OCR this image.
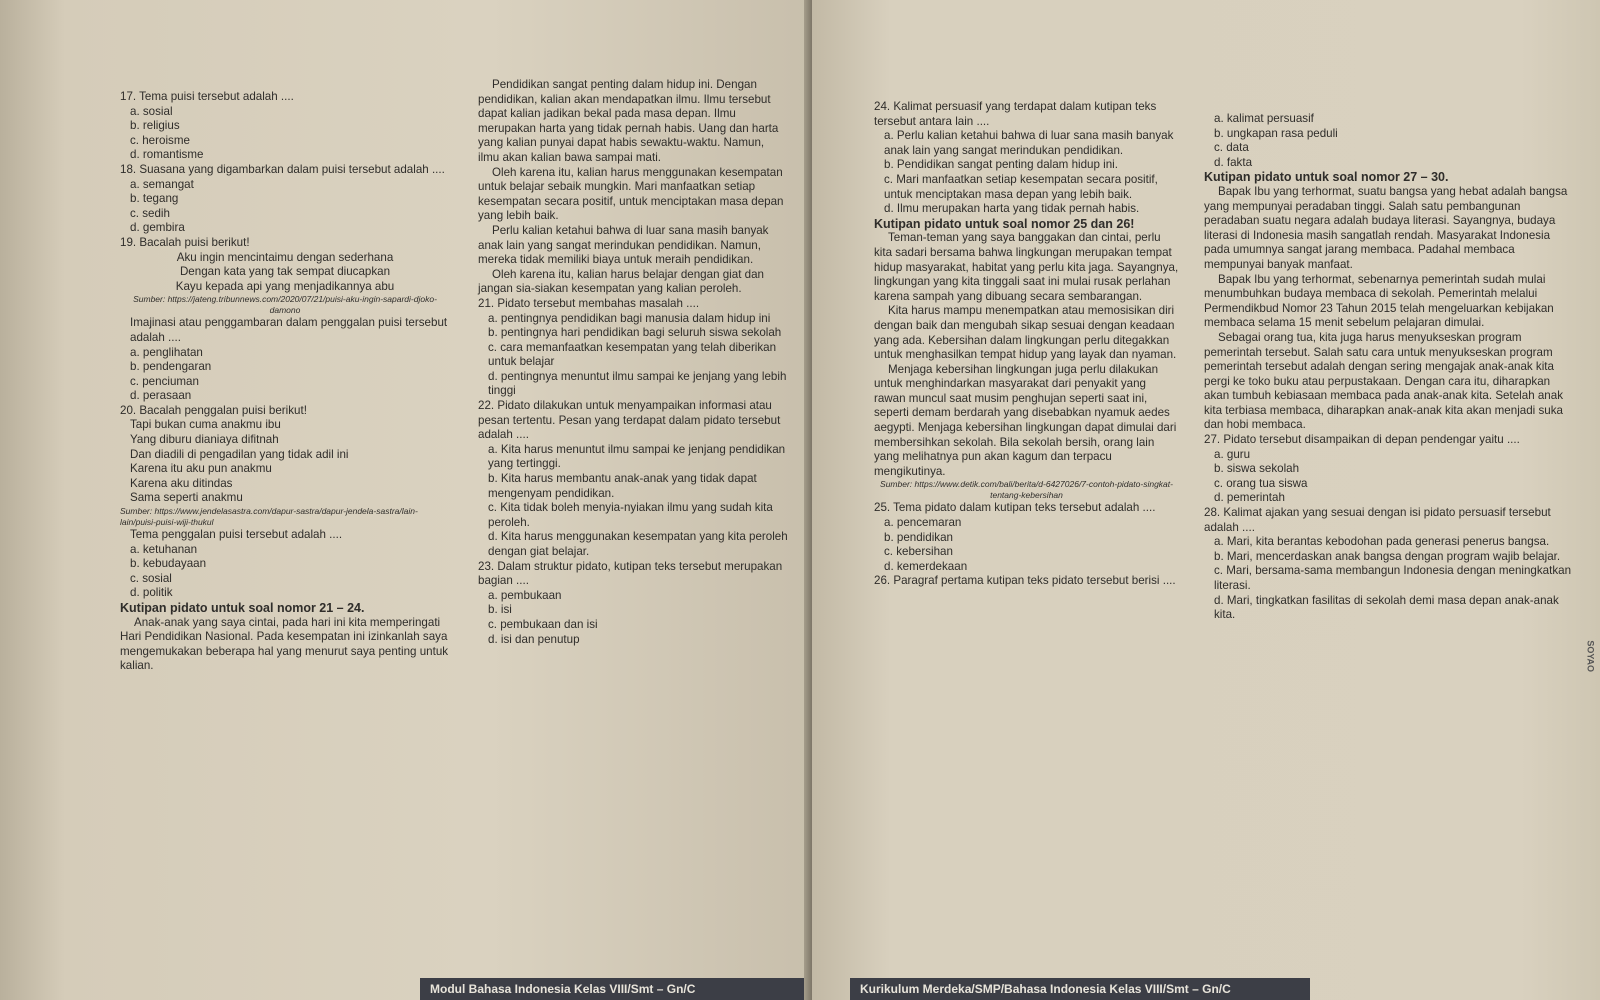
17. Tema puisi tersebut adalah ....

a. sosial

b. religius

c. heroisme

d. romantisme

18. Suasana yang digambarkan dalam puisi tersebut adalah ....

a. semangat

b. tegang

c. sedih

d. gembira

19. Bacalah puisi berikut!

Aku ingin mencintaimu dengan sederhana

Dengan kata yang tak sempat diucapkan

Kayu kepada api yang menjadikannya abu

Sumber: https://jateng.tribunnews.com/2020/07/21/puisi-aku-ingin-sapardi-djoko-damono

Imajinasi atau penggambaran dalam penggalan puisi tersebut adalah ....

a. penglihatan

b. pendengaran

c. penciuman

d. perasaan

20. Bacalah penggalan puisi berikut!

Tapi bukan cuma anakmu ibu

Yang diburu dianiaya difitnah

Dan diadili di pengadilan yang tidak adil ini

Karena itu aku pun anakmu

Karena aku ditindas

Sama seperti anakmu

Sumber: https://www.jendelasastra.com/dapur-sastra/dapur-jendela-sastra/lain-lain/puisi-puisi-wiji-thukul

Tema penggalan puisi tersebut adalah ....

a. ketuhanan

b. kebudayaan

c. sosial

d. politik

Kutipan pidato untuk soal nomor 21 – 24.

Anak-anak yang saya cintai, pada hari ini kita memperingati Hari Pendidikan Nasional. Pada kesempatan ini izinkanlah saya mengemukakan beberapa hal yang menurut saya penting untuk kalian.

Pendidikan sangat penting dalam hidup ini. Dengan pendidikan, kalian akan mendapatkan ilmu. Ilmu tersebut dapat kalian jadikan bekal pada masa depan. Ilmu merupakan harta yang tidak pernah habis. Uang dan harta yang kalian punyai dapat habis sewaktu-waktu. Namun, ilmu akan kalian bawa sampai mati.

Oleh karena itu, kalian harus menggunakan kesempatan untuk belajar sebaik mungkin. Mari manfaatkan setiap kesempatan secara positif, untuk menciptakan masa depan yang lebih baik.

Perlu kalian ketahui bahwa di luar sana masih banyak anak lain yang sangat merindukan pendidikan. Namun, mereka tidak memiliki biaya untuk meraih pendidikan.

Oleh karena itu, kalian harus belajar dengan giat dan jangan sia-siakan kesempatan yang kalian peroleh.

21. Pidato tersebut membahas masalah ....

a. pentingnya pendidikan bagi manusia dalam hidup ini

b. pentingnya hari pendidikan bagi seluruh siswa sekolah

c. cara memanfaatkan kesempatan yang telah diberikan untuk belajar

d. pentingnya menuntut ilmu sampai ke jenjang yang lebih tinggi

22. Pidato dilakukan untuk menyampaikan informasi atau pesan tertentu. Pesan yang terdapat dalam pidato tersebut adalah ....

a. Kita harus menuntut ilmu sampai ke jenjang pendidikan yang tertinggi.

b. Kita harus membantu anak-anak yang tidak dapat mengenyam pendidikan.

c. Kita tidak boleh menyia-nyiakan ilmu yang sudah kita peroleh.

d. Kita harus menggunakan kesempatan yang kita peroleh dengan giat belajar.

23. Dalam struktur pidato, kutipan teks tersebut merupakan bagian ....

a. pembukaan

b. isi

c. pembukaan dan isi

d. isi dan penutup

Modul Bahasa Indonesia Kelas VIII/Smt – Gn/C

24. Kalimat persuasif yang terdapat dalam kutipan teks tersebut antara lain ....

a. Perlu kalian ketahui bahwa di luar sana masih banyak anak lain yang sangat merindukan pendidikan.

b. Pendidikan sangat penting dalam hidup ini.

c. Mari manfaatkan setiap kesempatan secara positif, untuk menciptakan masa depan yang lebih baik.

d. Ilmu merupakan harta yang tidak pernah habis.

Kutipan pidato untuk soal nomor 25 dan 26!

Teman-teman yang saya banggakan dan cintai, perlu kita sadari bersama bahwa lingkungan merupakan tempat hidup masyarakat, habitat yang perlu kita jaga. Sayangnya, lingkungan yang kita tinggali saat ini mulai rusak perlahan karena sampah yang dibuang secara sembarangan.

Kita harus mampu menempatkan atau memosisikan diri dengan baik dan mengubah sikap sesuai dengan keadaan yang ada. Kebersihan dalam lingkungan perlu ditegakkan untuk menghasilkan tempat hidup yang layak dan nyaman.

Menjaga kebersihan lingkungan juga perlu dilakukan untuk menghindarkan masyarakat dari penyakit yang rawan muncul saat musim penghujan seperti saat ini, seperti demam berdarah yang disebabkan nyamuk aedes aegypti. Menjaga kebersihan lingkungan dapat dimulai dari membersihkan sekolah. Bila sekolah bersih, orang lain yang melihatnya pun akan kagum dan terpacu mengikutinya.

Sumber: https://www.detik.com/bali/berita/d-6427026/7-contoh-pidato-singkat-tentang-kebersihan

25. Tema pidato dalam kutipan teks tersebut adalah ....

a. pencemaran

b. pendidikan

c. kebersihan

d. kemerdekaan

26. Paragraf pertama kutipan teks pidato tersebut berisi ....

a. kalimat persuasif

b. ungkapan rasa peduli

c. data

d. fakta

Kutipan pidato untuk soal nomor 27 – 30.

Bapak Ibu yang terhormat, suatu bangsa yang hebat adalah bangsa yang mempunyai peradaban tinggi. Salah satu pembangunan peradaban suatu negara adalah budaya literasi. Sayangnya, budaya literasi di Indonesia masih sangatlah rendah. Masyarakat Indonesia pada umumnya sangat jarang membaca. Padahal membaca mempunyai banyak manfaat.

Bapak Ibu yang terhormat, sebenarnya pemerintah sudah mulai menumbuhkan budaya membaca di sekolah. Pemerintah melalui Permendikbud Nomor 23 Tahun 2015 telah mengeluarkan kebijakan membaca selama 15 menit sebelum pelajaran dimulai.

Sebagai orang tua, kita juga harus menyukseskan program pemerintah tersebut. Salah satu cara untuk menyukseskan program pemerintah tersebut adalah dengan sering mengajak anak-anak kita pergi ke toko buku atau perpustakaan. Dengan cara itu, diharapkan akan tumbuh kebiasaan membaca pada anak-anak kita. Setelah anak kita terbiasa membaca, diharapkan anak-anak kita akan menjadi suka dan hobi membaca.

27. Pidato tersebut disampaikan di depan pendengar yaitu ....

a. guru

b. siswa sekolah

c. orang tua siswa

d. pemerintah

28. Kalimat ajakan yang sesuai dengan isi pidato persuasif tersebut adalah ....

a. Mari, kita berantas kebodohan pada generasi penerus bangsa.

b. Mari, mencerdaskan anak bangsa dengan program wajib belajar.

c. Mari, bersama-sama membangun Indonesia dengan meningkatkan literasi.

d. Mari, tingkatkan fasilitas di sekolah demi masa depan anak-anak kita.

SOYAO
Kurikulum Merdeka/SMP/Bahasa Indonesia Kelas VIII/Smt – Gn/C
